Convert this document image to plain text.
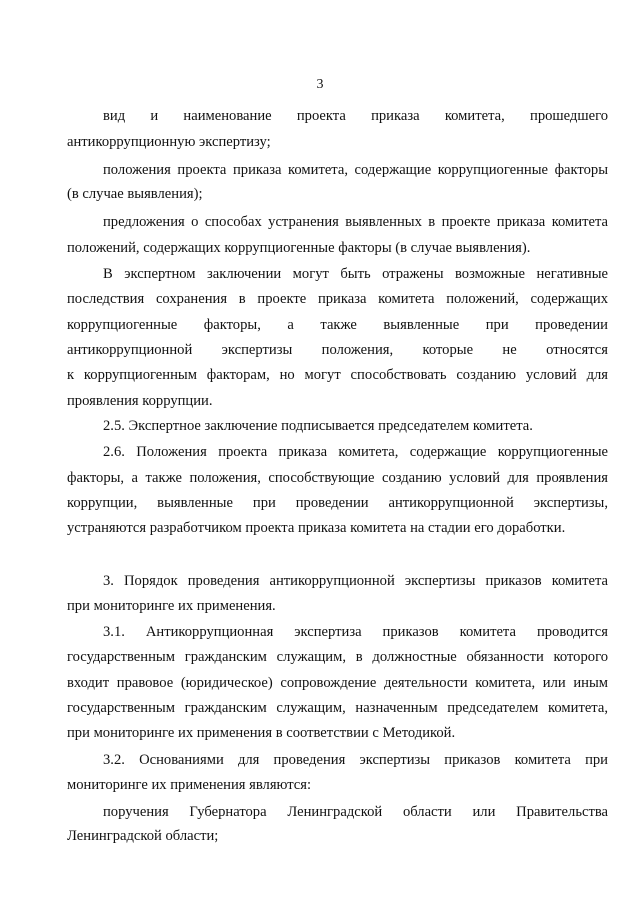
3
вид и наименование проекта приказа комитета, прошедшего
антикоррупционную экспертизу;
положения проекта приказа комитета, содержащие коррупциогенные факторы
(в случае выявления);
предложения о способах устранения выявленных в проекте приказа комитета
положений, содержащих коррупциогенные факторы (в случае выявления).
В экспертном заключении могут быть отражены возможные негативные
последствия сохранения в проекте приказа комитета положений, содержащих
коррупциогенные факторы, а также выявленные при проведении
антикоррупционной экспертизы положения, которые не относятся
к коррупциогенным факторам, но могут способствовать созданию условий для
проявления коррупции.
2.5. Экспертное заключение подписывается председателем комитета.
2.6. Положения проекта приказа комитета, содержащие коррупциогенные
факторы, а также положения, способствующие созданию условий для проявления
коррупции, выявленные при проведении антикоррупционной экспертизы,
устраняются разработчиком проекта приказа комитета на стадии его доработки.
3. Порядок проведения антикоррупционной экспертизы приказов комитета
при мониторинге их применения.
3.1. Антикоррупционная экспертиза приказов комитета проводится
государственным гражданским служащим, в должностные обязанности которого
входит правовое (юридическое) сопровождение деятельности комитета, или иным
государственным гражданским служащим, назначенным председателем комитета,
при мониторинге их применения в соответствии с Методикой.
3.2. Основаниями для проведения экспертизы приказов комитета при
мониторинге их применения являются:
поручения Губернатора Ленинградской области или Правительства
Ленинградской области;
